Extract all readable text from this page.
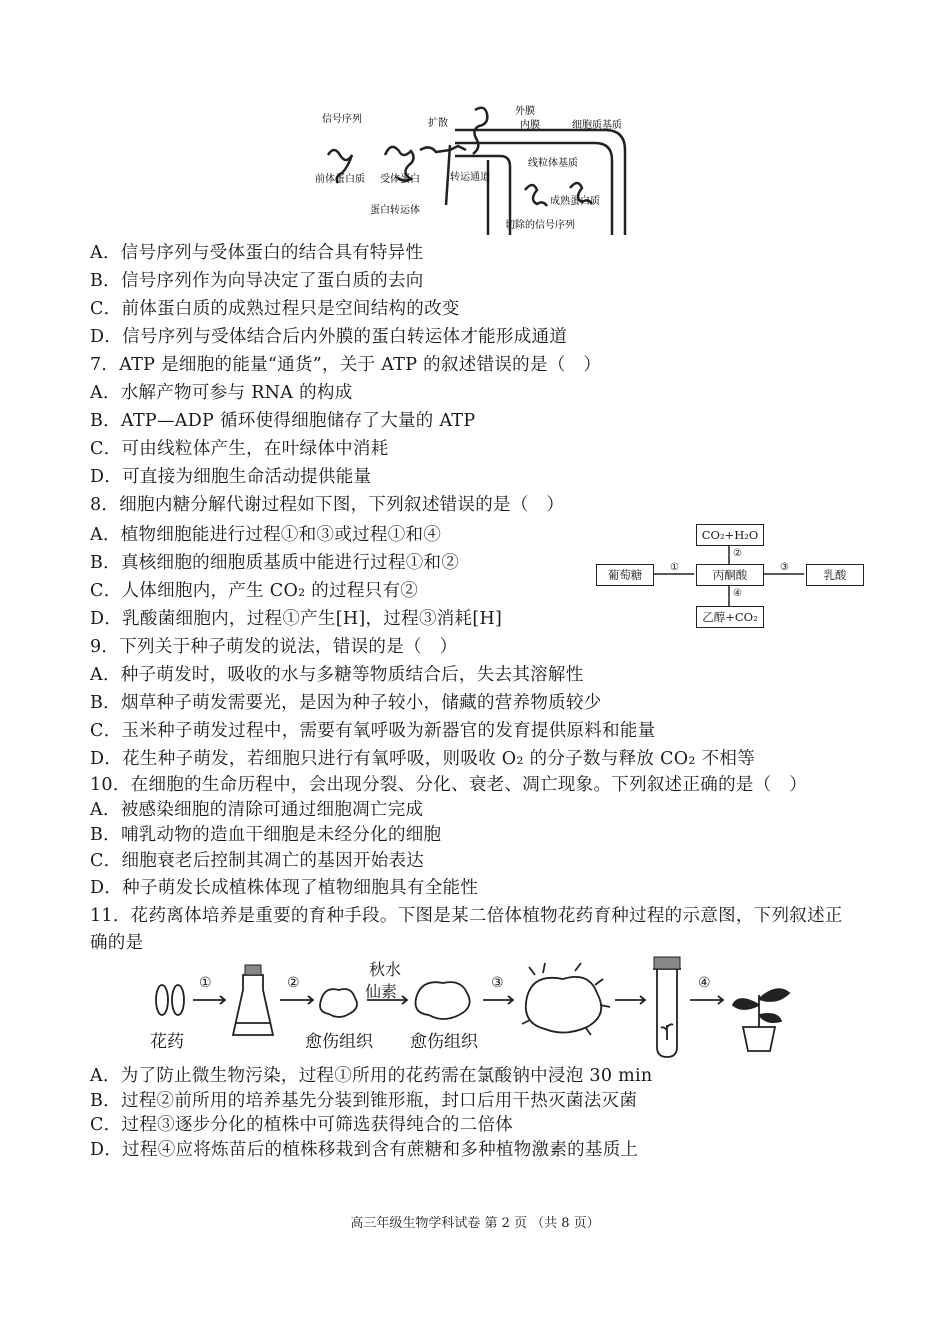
前体蛋白质
信号序列	扩散
外膜
内膜	细胞质基质
受体蛋白	转运通道
线粒体基质
蛋白转运体
成熟蛋白质
切除的信号序列
A．信号序列与受体蛋白的结合具有特异性
B．信号序列作为向导决定了蛋白质的去向
C．前体蛋白质的成熟过程只是空间结构的改变
D．信号序列与受体结合后内外膜的蛋白转运体才能形成通道
7．ATP 是细胞的能量“通货”，关于 ATP 的叙述错误的是（　）
A．水解产物可参与 RNA 的构成
B．ATP—ADP 循环使得细胞储存了大量的 ATP
C．可由线粒体产生，在叶绿体中消耗
D．可直接为细胞生命活动提供能量
8．细胞内糖分解代谢过程如下图，下列叙述错误的是（　）
A．植物细胞能进行过程①和③或过程①和④
B．真核细胞的细胞质基质中能进行过程①和②
C．人体细胞内，产生 CO₂ 的过程只有②
D．乳酸菌细胞内，过程①产生[H]，过程③消耗[H]
CO₂+H₂O
葡萄糖	丙酮酸	乳酸
乙醇+CO₂
①
②
③
④
9．下列关于种子萌发的说法，错误的是（　）
A．种子萌发时，吸收的水与多糖等物质结合后，失去其溶解性
B．烟草种子萌发需要光，是因为种子较小，储藏的营养物质较少
C．玉米种子萌发过程中，需要有氧呼吸为新器官的发育提供原料和能量
D．花生种子萌发，若细胞只进行有氧呼吸，则吸收 O₂ 的分子数与释放 CO₂ 不相等
10．在细胞的生命历程中，会出现分裂、分化、衰老、凋亡现象。下列叙述正确的是（　）
A．被感染细胞的清除可通过细胞凋亡完成
B．哺乳动物的造血干细胞是未经分化的细胞
C．细胞衰老后控制其凋亡的基因开始表达
D．种子萌发长成植株体现了植物细胞具有全能性
11．花药离体培养是重要的育种手段。下图是某二倍体植物花药育种过程的示意图，下列叙述正确的是
①	②	③	④
秋水
仙素
花药	愈伤组织 愈伤组织
A．为了防止微生物污染，过程①所用的花药需在氯酸钠中浸泡 30 min
B．过程②前所用的培养基先分装到锥形瓶，封口后用干热灭菌法灭菌
C．过程③逐步分化的植株中可筛选获得纯合的二倍体
D．过程④应将炼苗后的植株移栽到含有蔗糖和多种植物激素的基质上
高三年级生物学科试卷 第 2 页 （共 8 页）
